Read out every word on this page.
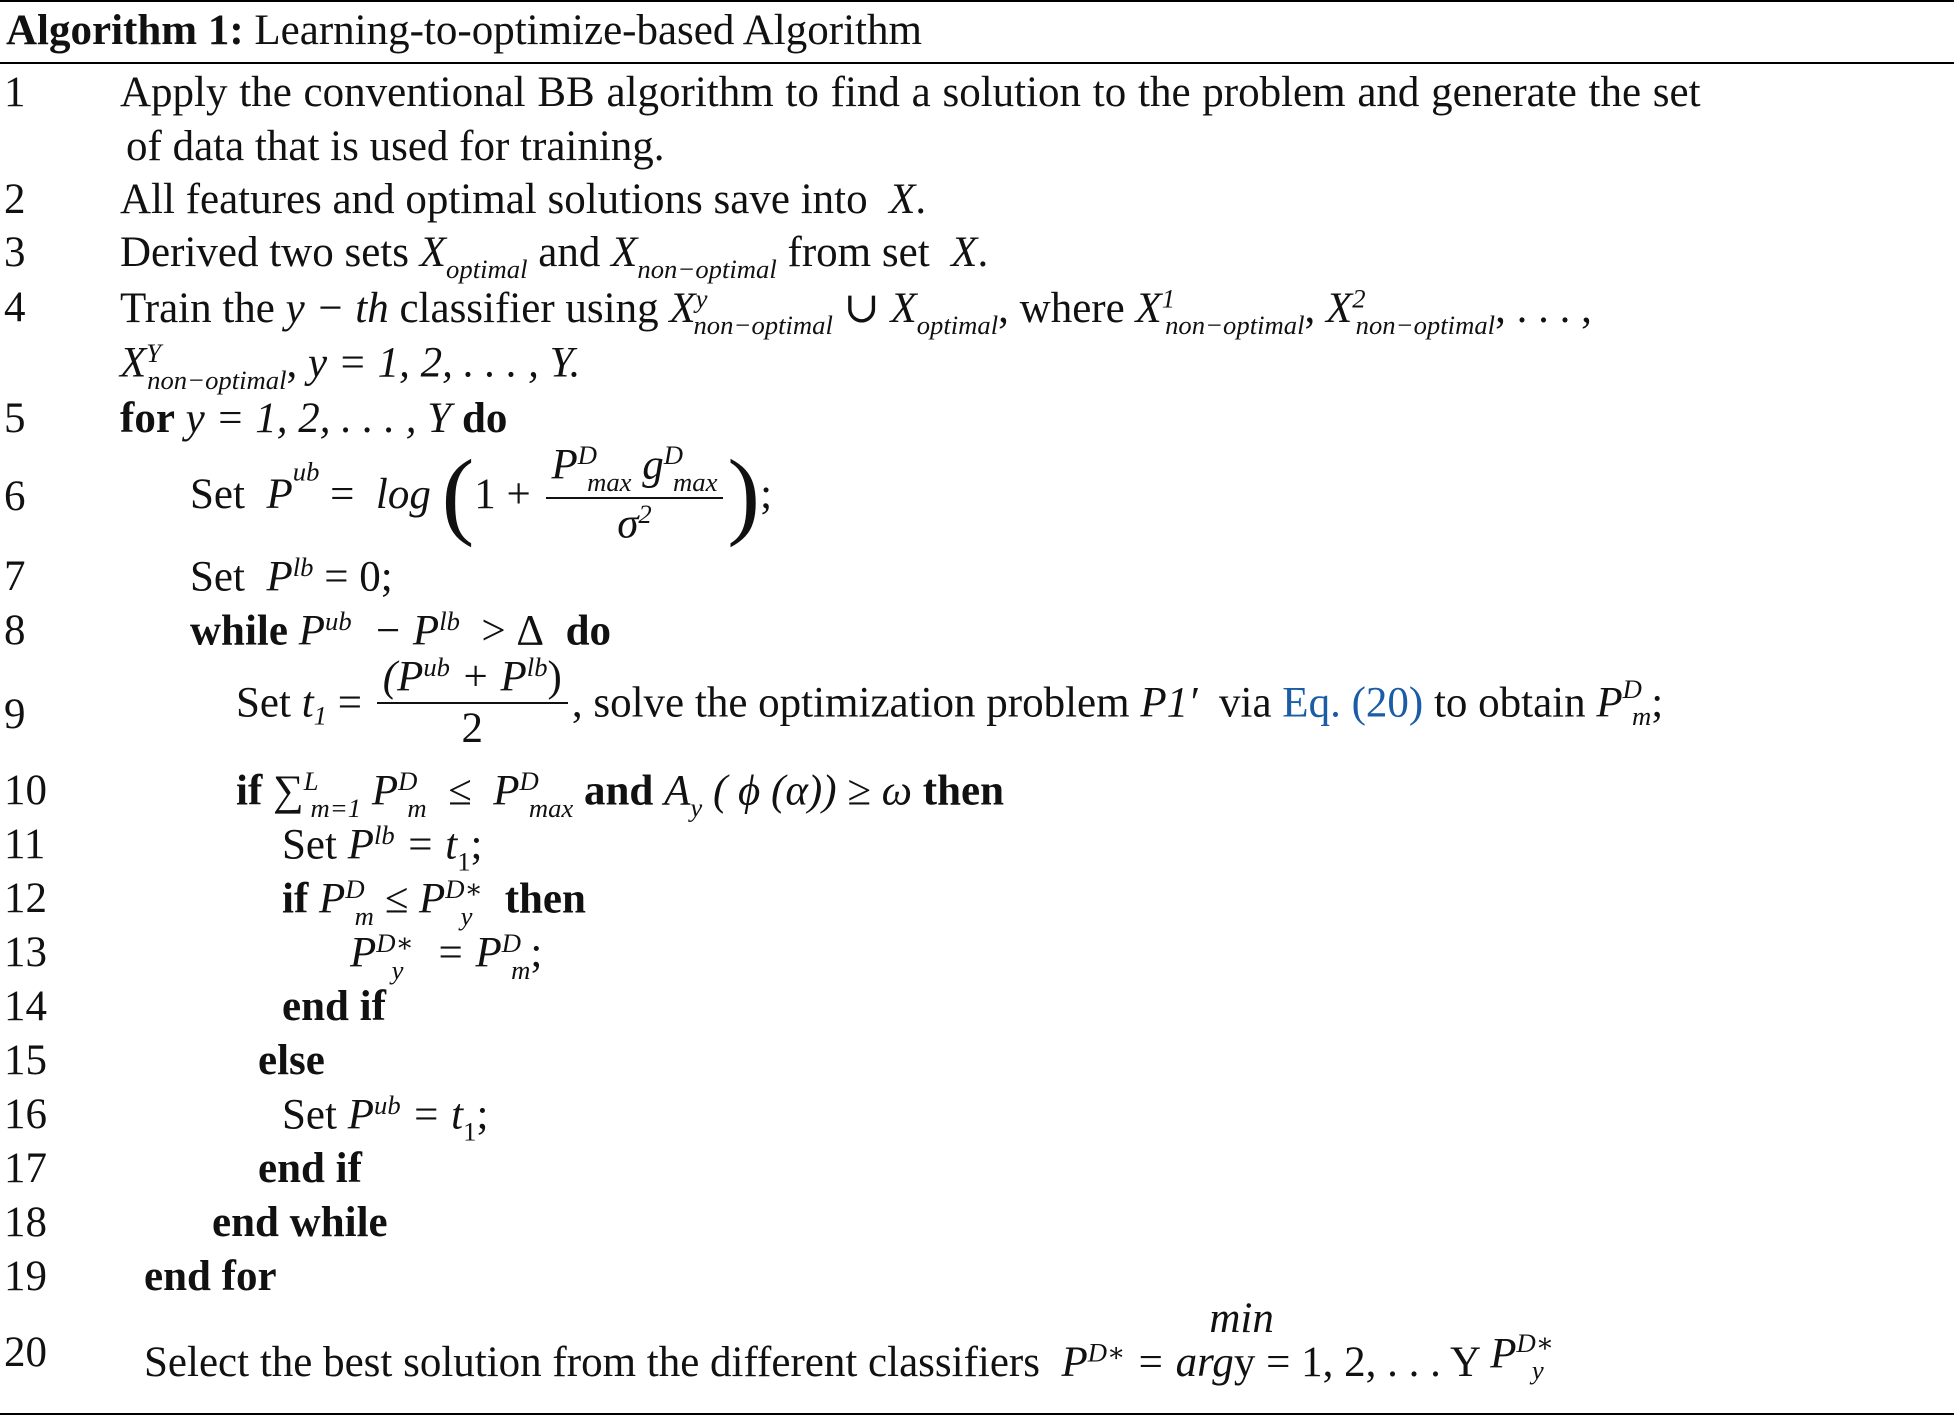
Algorithm 1: Learning-to-optimize-based Algorithm
1 Apply the conventional BB algorithm to find a solution to the problem and generate the set
of data that is used for training.
2 All features and optimal solutions save into X.
3 Derived two sets $X_{optimal}$ and $X_{non-optimal}$ from set X.
4 Train the y − th classifier using $X^y_{non-optimal}$ ∪ $X_{optimal}$, where $X^1_{non-optimal}$, $X^2_{non-optimal}$, . . . ,
$X^Y_{non-optimal}$, y = 1, 2, . . . , Y.
5 for y = 1, 2, . . . , Y do
6	Set $P^{ub} = \log (1 + \frac{P^D_{max} g^D_{max}}{\sigma^2}$ );
7	Set $P^{lb} = 0$;
8	while $P^{ub} - P^{lb} > \Delta$ do
9	Set $t_1 = \frac{(P^{ub} + P^{lb})}{2}$ , solve the optimization problem P1′ via Eq. (20) to obtain $P^D_m$;
10	if ∑$^L_{m=1}$ $P^D_m \le P^D_{max}$ and $A_y$ ( ϕ (α)) ≥ ω then
11	Set $P^{lb} = t_1$;
12	if $P^D_m \le P^{D∗}_y$ then
13	$P^{D∗}_y = P^D_m$;
14	end if
15	else
16	Set $P^{ub} = t_1$;
17	end if
18	end while
19 end for
20 Select the best solution from the different classifiers $P^{D∗}$ = arg
min
y = 1, 2, . . . Y $P^{D∗}_y$
